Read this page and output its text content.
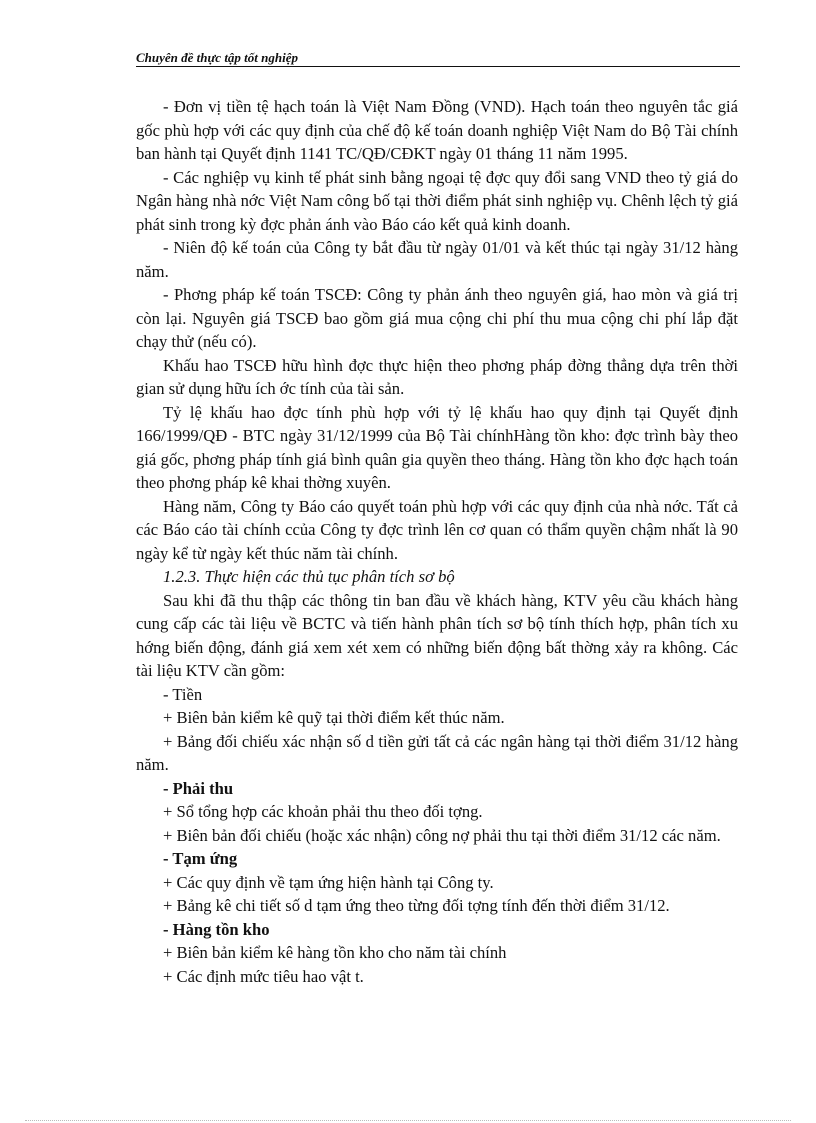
Chuyên đề thực tập tốt nghiệp

- Đơn vị tiền tệ hạch toán là Việt Nam Đồng (VND). Hạch toán theo nguyên tắc giá gốc phù hợp với các quy định của chế độ kế toán doanh nghiệp Việt Nam do Bộ Tài chính ban hành tại Quyết định 1141 TC/QĐ/CĐKT ngày 01 tháng 11 năm 1995.

- Các nghiệp vụ kinh tế phát sinh bằng ngoại tệ đợc quy đổi sang VND theo tỷ giá do Ngân hàng nhà nớc Việt Nam công bố tại thời điểm phát sinh nghiệp vụ. Chênh lệch tỷ giá phát sinh trong kỳ đợc phản ánh vào Báo cáo kết quả kinh doanh.

- Niên độ kế toán của Công ty bắt đầu từ ngày 01/01 và kết thúc tại ngày 31/12 hàng năm.

- Phơng pháp kế toán TSCĐ: Công ty phản ánh theo nguyên giá, hao mòn và giá trị còn lại. Nguyên giá TSCĐ bao gồm giá mua cộng chi phí thu mua cộng chi phí lắp đặt chạy thử (nếu có).

Khấu hao TSCĐ hữu hình đợc thực hiện theo phơng pháp đờng thẳng dựa trên thời gian sử dụng hữu ích ớc tính của tài sản.

Tỷ lệ khấu hao đợc tính phù hợp với tỷ lệ khấu hao quy định tại Quyết định 166/1999/QĐ - BTC ngày 31/12/1999 của Bộ Tài chínhHàng tồn kho: đợc trình bày theo giá gốc, phơng pháp tính giá bình quân gia quyền theo tháng. Hàng tồn kho đợc hạch toán theo phơng pháp kê khai thờng xuyên.

Hàng năm, Công ty Báo cáo quyết toán phù hợp với các quy định của nhà nớc. Tất cả các Báo cáo tài chính ccủa Công ty đợc trình lên cơ quan có thẩm quyền chậm nhất là 90 ngày kể từ ngày kết thúc năm tài chính.

1.2.3. Thực hiện các thủ tục phân tích sơ bộ

Sau khi đã thu thập các thông tin ban đầu về khách hàng, KTV yêu cầu khách hàng cung cấp các tài liệu về BCTC và tiến hành phân tích sơ bộ tính thích hợp, phân tích xu hớng biến động, đánh giá xem xét xem có những biến động bất thờng xảy ra không. Các tài liệu KTV cần gồm:

- Tiền

+ Biên bản kiểm kê quỹ tại thời điểm kết thúc năm.

+ Bảng đối chiếu xác nhận số d tiền gửi tất cả các ngân hàng tại thời điểm 31/12 hàng năm.

- Phải thu

+ Sổ tổng hợp các khoản phải thu theo đối tợng.

+ Biên bản đối chiếu (hoặc xác nhận) công nợ phải thu tại thời điểm 31/12 các năm.

- Tạm ứng

+ Các quy định về tạm ứng hiện hành tại Công ty.

+ Bảng kê chi tiết số d tạm ứng theo từng đối tợng tính đến thời điểm 31/12.

- Hàng tồn kho

+ Biên bản kiểm kê hàng tồn kho cho năm tài chính

+ Các định mức tiêu hao vật t.
